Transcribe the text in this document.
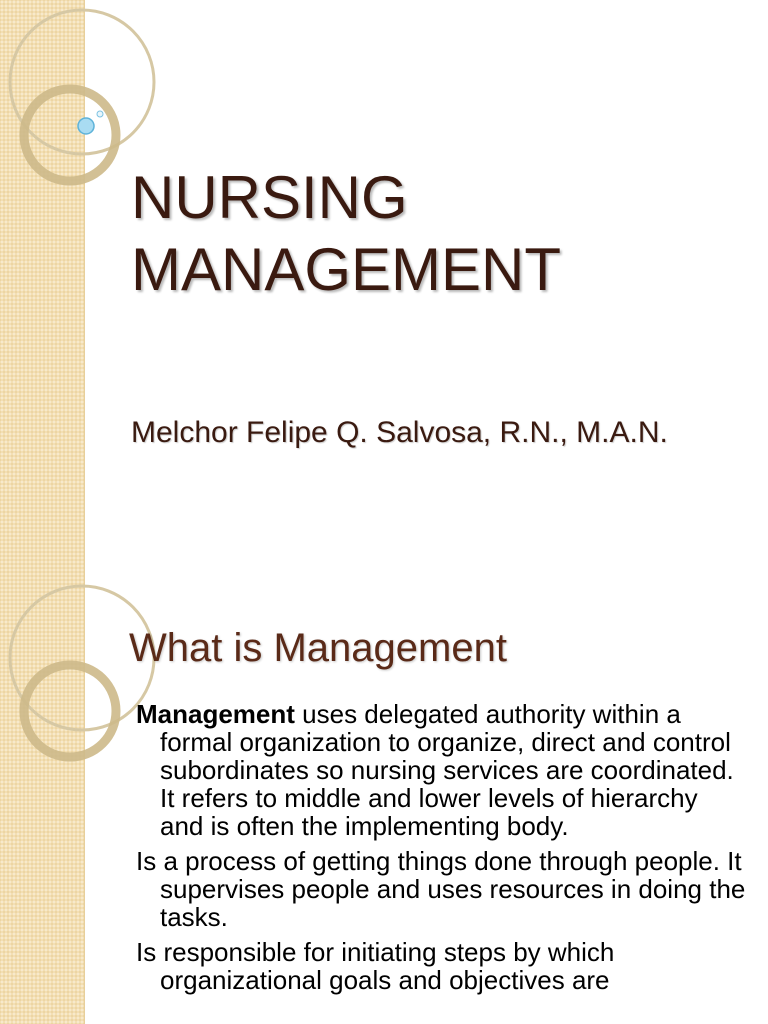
NURSING
MANAGEMENT

Melchor Felipe Q. Salvosa, R.N., M.A.N.

What is Management
Management uses delegated authority within a formal organization to organize, direct and control subordinates so nursing services are coordinated. It refers to middle and lower levels of hierarchy and is often the implementing body.
Is a process of getting things done through people. It supervises people and uses resources in doing the tasks.
Is responsible for initiating steps by which organizational goals and objectives are
